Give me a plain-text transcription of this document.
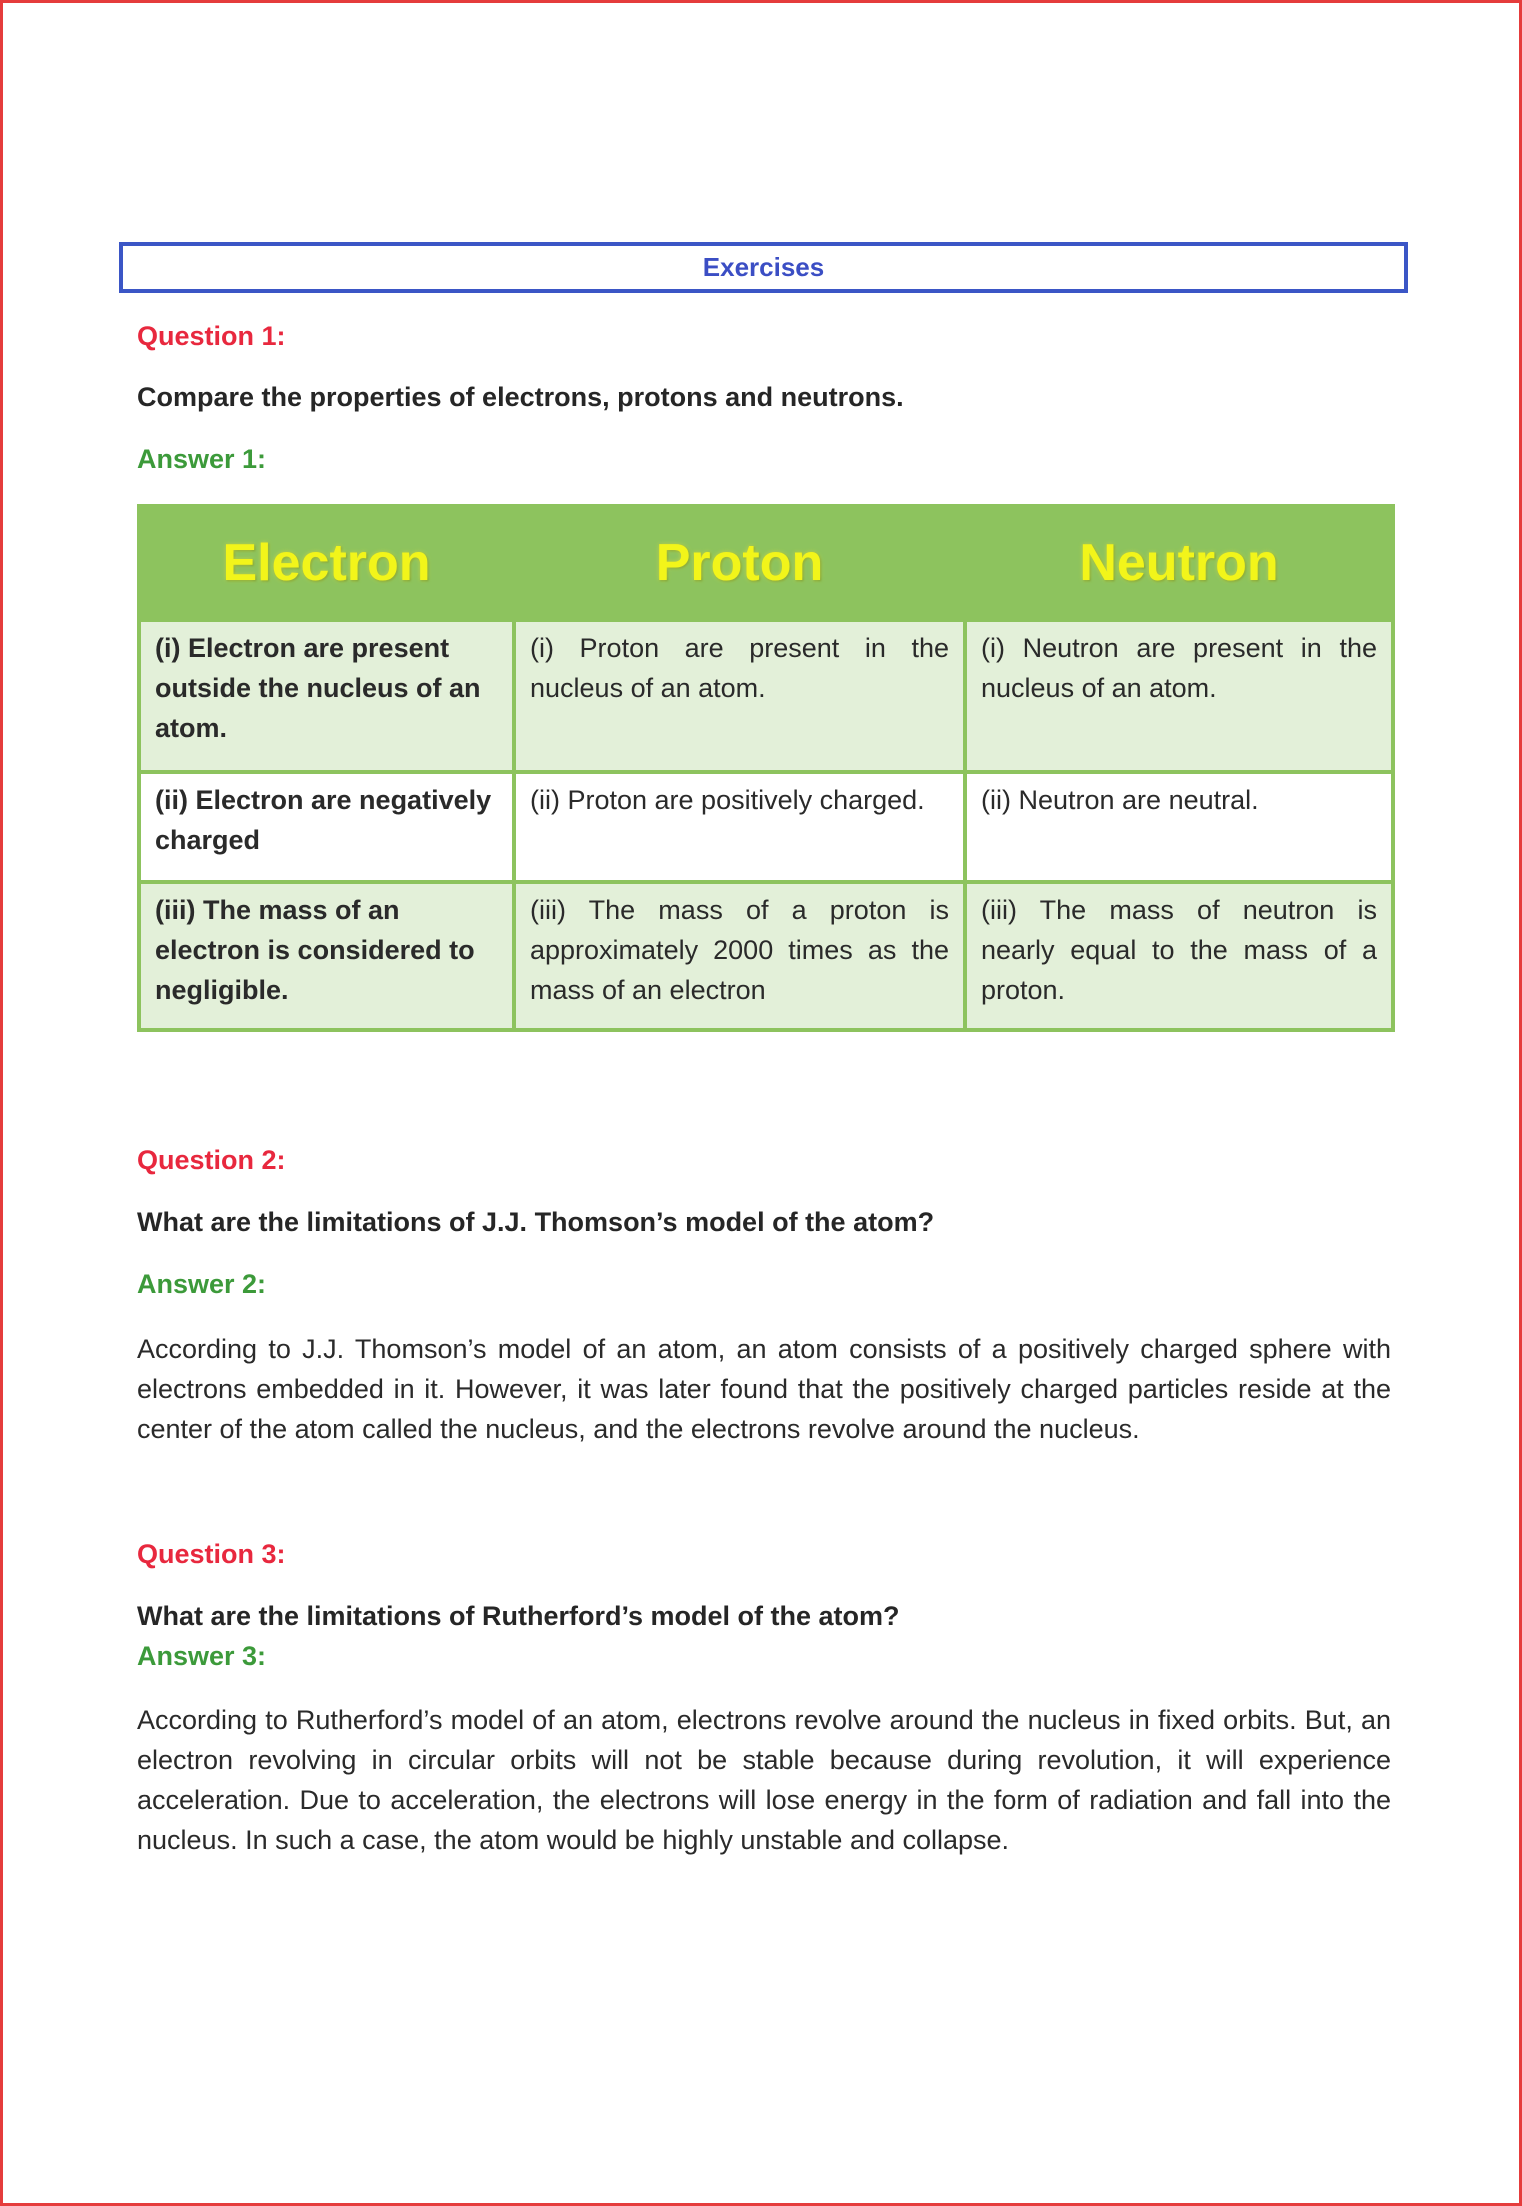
Exercises
Question 1:
Compare the properties of electrons, protons and neutrons.
Answer 1:
Electron	Proton	Neutron
(i) Electron are present outside the nucleus of an atom.	(i) Proton are present in the nucleus of an atom.	(i) Neutron are present in the nucleus of an atom.
(ii) Electron are negatively charged	(ii) Proton are positively charged.	(ii) Neutron are neutral.
(iii) The mass of an electron is considered to negligible.	(iii) The mass of a proton is approximately 2000 times as the mass of an electron	(iii) The mass of neutron is nearly equal to the mass of a proton.
Question 2:
What are the limitations of J.J. Thomson’s model of the atom?
Answer 2:
According to J.J. Thomson’s model of an atom, an atom consists of a positively charged sphere with electrons embedded in it. However, it was later found that the positively charged particles reside at the center of the atom called the nucleus, and the electrons revolve around the nucleus.
Question 3:
What are the limitations of Rutherford’s model of the atom?
Answer 3:
According to Rutherford’s model of an atom, electrons revolve around the nucleus in fixed orbits. But, an electron revolving in circular orbits will not be stable because during revolution, it will experience acceleration. Due to acceleration, the electrons will lose energy in the form of radiation and fall into the nucleus. In such a case, the atom would be highly unstable and collapse.
